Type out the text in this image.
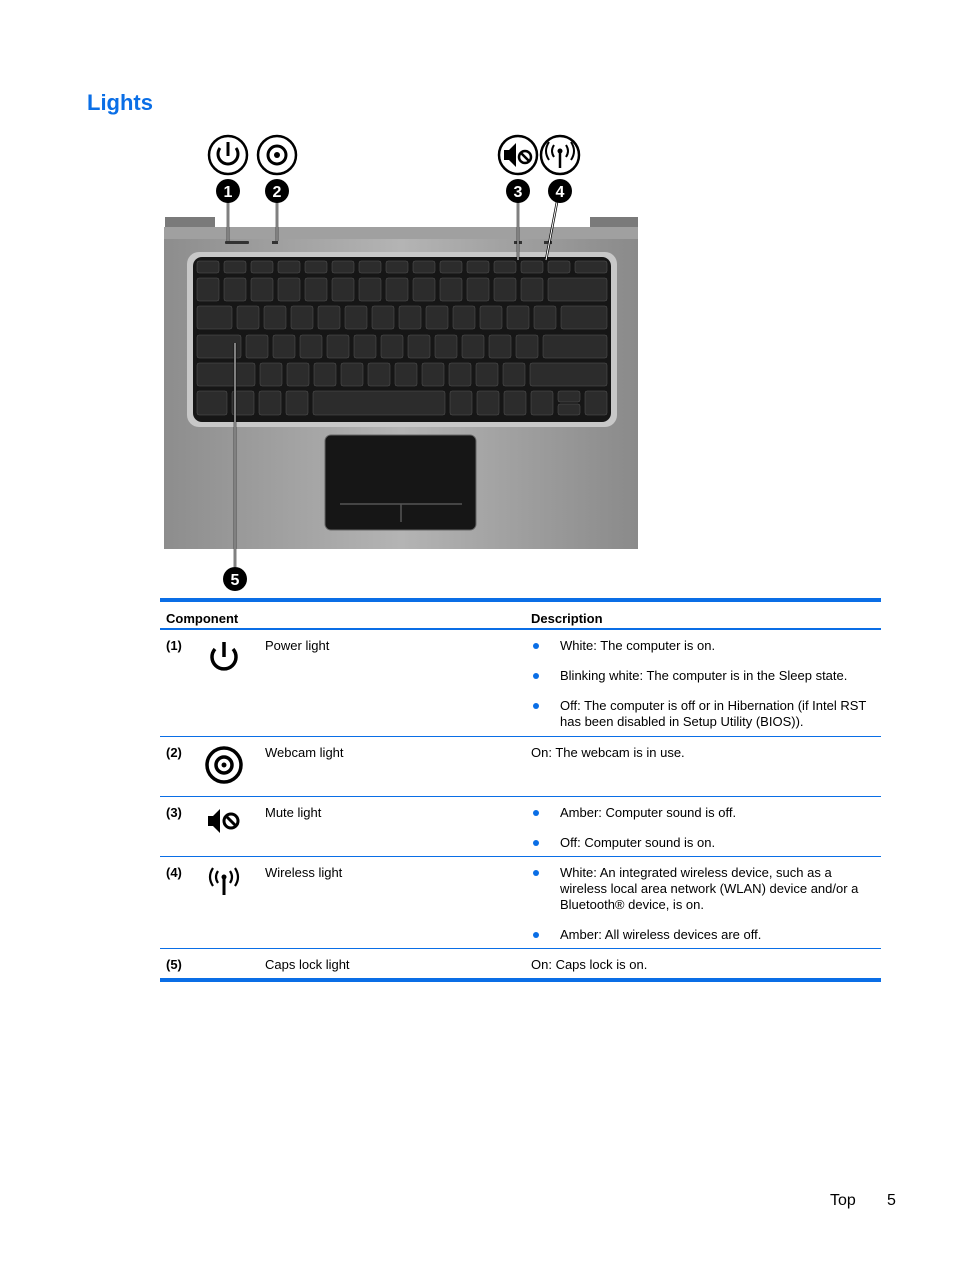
Lights
1	2	3 4
5
Component	Description
(1)	Power light	White: The computer is on.
Blinking white: The computer is in the Sleep state.
Off: The computer is off or in Hibernation (if Intel RST has been disabled in Setup Utility (BIOS)).
(2)	Webcam light	On: The webcam is in use.
(3)	Mute light	Amber: Computer sound is off.
Off: Computer sound is on.
(4)	Wireless light	White: An integrated wireless device, such as a wireless local area network (WLAN) device and/or a Bluetooth® device, is on.
Amber: All wireless devices are off.
(5)	Caps lock light	On: Caps lock is on.
Top 5
